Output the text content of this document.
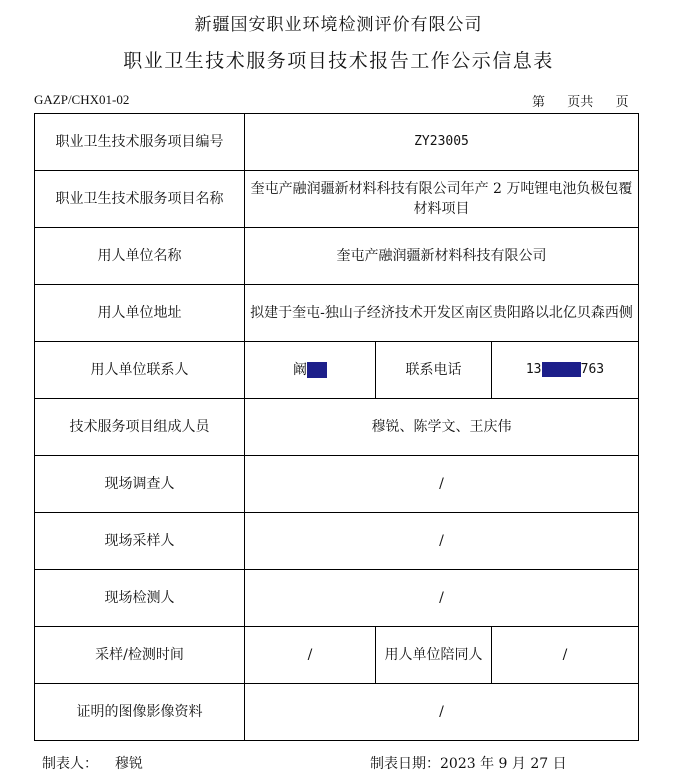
新疆国安职业环境检测评价有限公司
职业卫生技术服务项目技术报告工作公示信息表
GAZP/CHX01-02	第 页共 页
职业卫生技术服务项目编号	ZY23005		
职业卫生技术服务项目名称	奎屯产融润疆新材料科技有限公司年产 2 万吨锂电池负极包覆材料项目		
用人单位名称	奎屯产融润疆新材料科技有限公司		
用人单位地址	拟建于奎屯-独山子经济技术开发区南区贵阳路以北亿贝森西侧		
用人单位联系人	阚XX	联系电话	1336119763
技术服务项目组成人员	穆锐、陈学文、王庆伟		
现场调查人	/		
现场采样人	/		
现场检测人	/		
采样/检测时间	/	用人单位陪同人	/
证明的图像影像资料	/		
制表人： 穆锐	制表日期：2023 年 9 月 27 日
